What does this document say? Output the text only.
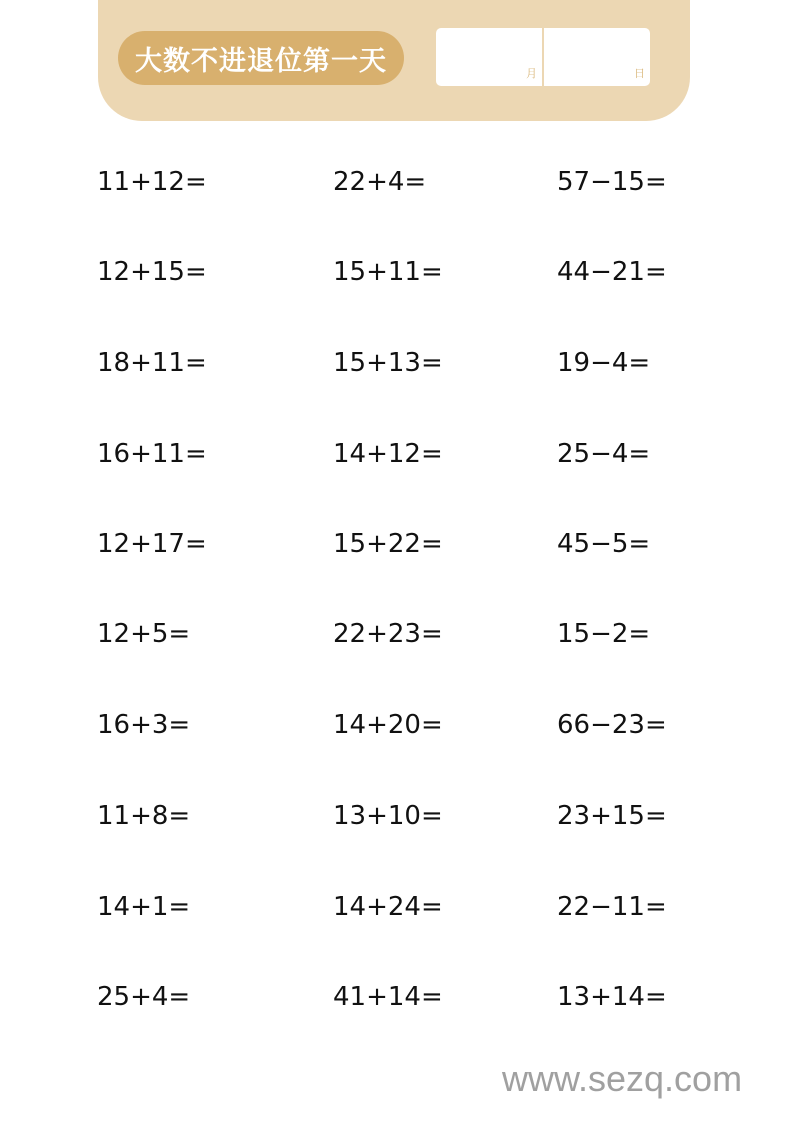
大数不进退位第一天	月	日
11+12=	22+4=	57−15=
12+15=	15+11=	44−21=
18+11=	15+13=	19−4=
16+11=	14+12=	25−4=
12+17=	15+22=	45−5=
12+5=	22+23=	15−2=
16+3=	14+20=	66−23=
11+8=	13+10=	23+15=
14+1=	14+24=	22−11=
25+4=	41+14=	13+14=
www.sezq.com
